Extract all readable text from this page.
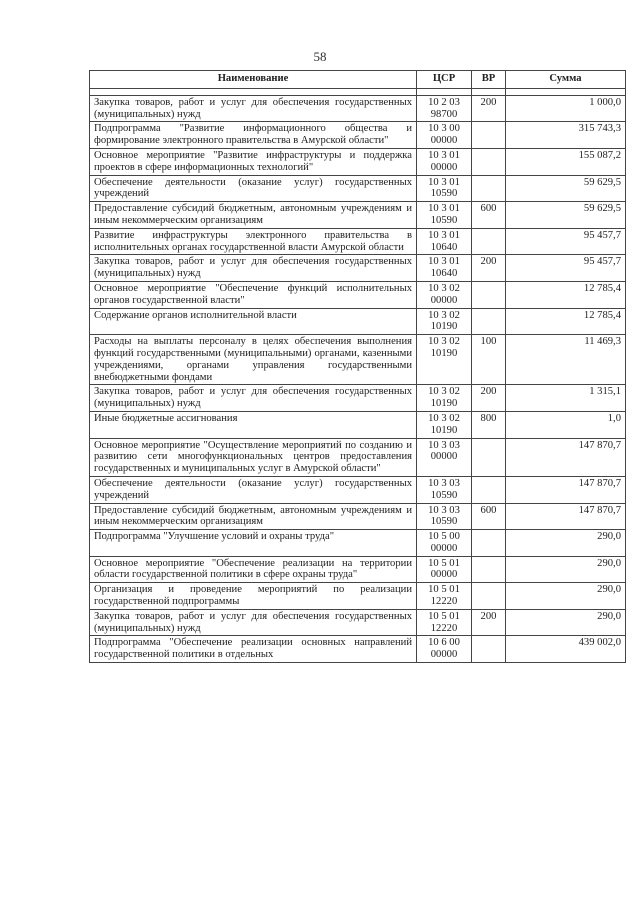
58
Наименование	ЦСР	ВР	Сумма

Закупка товаров, работ и услуг для обеспечения государственных (муниципальных) нужд	10 2 03 98700	200	1 000,0
Подпрограмма "Развитие информационного общества и формирование электронного правительства в Амурской области"	10 3 00 00000		315 743,3
Основное мероприятие "Развитие инфраструктуры и поддержка проектов в сфере информационных технологий"	10 3 01 00000		155 087,2
Обеспечение деятельности (оказание услуг) государственных учреждений	10 3 01 10590		59 629,5
Предоставление субсидий бюджетным, автономным учреждениям и иным некоммерческим организациям	10 3 01 10590	600	59 629,5
Развитие инфраструктуры электронного правительства в исполнительных органах государственной власти Амурской области	10 3 01 10640		95 457,7
Закупка товаров, работ и услуг для обеспечения государственных (муниципальных) нужд	10 3 01 10640	200	95 457,7
Основное мероприятие "Обеспечение функций исполнительных органов государственной власти"	10 3 02 00000		12 785,4
Содержание органов исполнительной власти	10 3 02 10190		12 785,4
Расходы на выплаты персоналу в целях обеспечения выполнения функций государственными (муниципальными) органами, казенными учреждениями, органами управления государственными внебюджетными фондами	10 3 02 10190	100	11 469,3
Закупка товаров, работ и услуг для обеспечения государственных (муниципальных) нужд	10 3 02 10190	200	1 315,1
Иные бюджетные ассигнования	10 3 02 10190	800	1,0
Основное мероприятие "Осуществление мероприятий по созданию и развитию сети многофункциональных центров предоставления государственных и муниципальных услуг в Амурской области"	10 3 03 00000		147 870,7
Обеспечение деятельности (оказание услуг) государственных учреждений	10 3 03 10590		147 870,7
Предоставление субсидий бюджетным, автономным учреждениям и иным некоммерческим организациям	10 3 03 10590	600	147 870,7
Подпрограмма "Улучшение условий и охраны труда"	10 5 00 00000		290,0
Основное мероприятие "Обеспечение реализации на территории области государственной политики в сфере охраны труда"	10 5 01 00000		290,0
Организация и проведение мероприятий по реализации государственной подпрограммы	10 5 01 12220		290,0
Закупка товаров, работ и услуг для обеспечения государственных (муниципальных) нужд	10 5 01 12220	200	290,0
Подпрограмма "Обеспечение реализации основных направлений государственной политики в отдельных	10 6 00 00000		439 002,0
